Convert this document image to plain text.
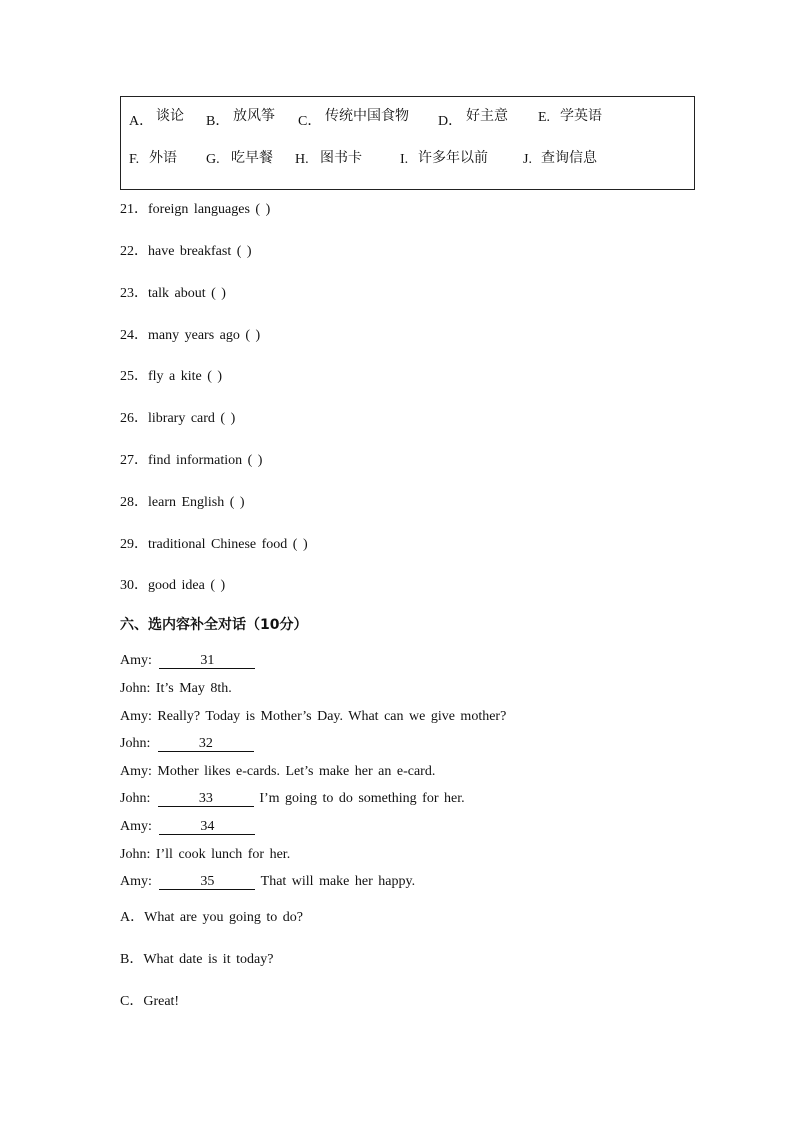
A． 谈论 B． 放风筝 C． 传统中国食物 D． 好主意 E. 学英语
F. 外语 G. 吃早餐 H. 图书卡	I. 许多年以前	J. 查询信息
21．foreign languages ( )
22．have breakfast ( )
23．talk about ( )
24．many years ago ( )
25．fly a kite ( )
26．library card ( )
27．find information ( )
28．learn English ( )
29．traditional Chinese food ( )
30．good idea ( )
六、选内容补全对话（10分）
Amy:	31
John: It’s May 8th.
Amy: Really? Today is Mother’s Day. What can we give mother?
John:	32
Amy: Mother likes e-cards. Let’s make her an e-card.
John:	33	I’m going to do something for her.
Amy:	34
John: I’ll cook lunch for her.
Amy:	35	That will make her happy.
A．What are you going to do?
B．What date is it today?
C．Great!
